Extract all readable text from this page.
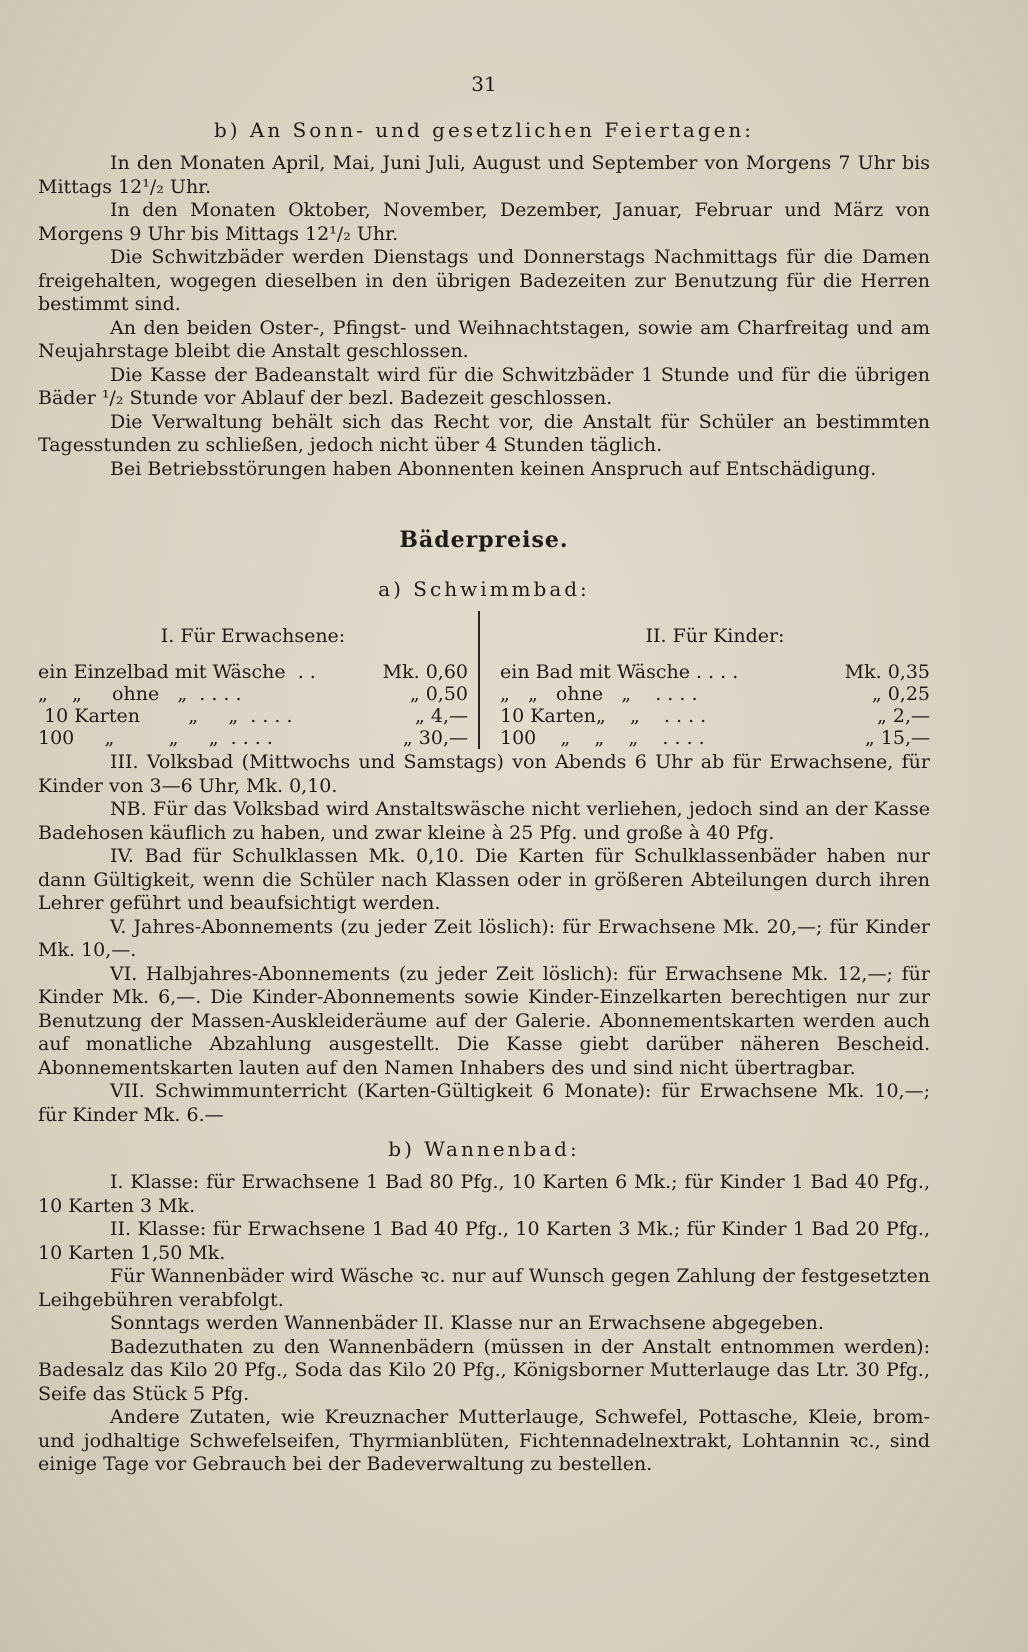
31
b) An Sonn- und gesetzlichen Feiertagen:

In den Monaten April, Mai, Juni Juli, August und September von Morgens 7 Uhr bis Mittags 12¹/₂ Uhr.

In den Monaten Oktober, November, Dezember, Januar, Februar und März von Morgens 9 Uhr bis Mittags 12¹/₂ Uhr.

Die Schwitzbäder werden Dienstags und Donnerstags Nachmittags für die Damen freigehalten, wogegen dieselben in den übrigen Badezeiten zur Benutzung für die Herren bestimmt sind.

An den beiden Oster-, Pfingst- und Weihnachtstagen, sowie am Charfreitag und am Neujahrstage bleibt die Anstalt geschlossen.

Die Kasse der Badeanstalt wird für die Schwitzbäder 1 Stunde und für die übrigen Bäder ¹/₂ Stunde vor Ablauf der bezl. Badezeit geschlossen.

Die Verwaltung behält sich das Recht vor, die Anstalt für Schüler an bestimmten Tagesstunden zu schließen, jedoch nicht über 4 Stunden täglich.

Bei Betriebsstörungen haben Abonnenten keinen Anspruch auf Entschädigung.

Bäderpreise.
a) Schwimmbad:
I. Für Erwachsene:
ein Einzelbad mit Wäsche  . .	Mk. 0,60
„    „     ohne   „  . . . .	„ 0,50
10 Karten        „     „  . . . .	„ 4,—
100     „         „     „  . . . .	„ 30,—
II. Für Kinder:
ein Bad mit Wäsche . . . .	Mk. 0,35
„   „   ohne   „    . . . .	„ 0,25
10 Karten„    „    . . . .	„ 2,—
100    „    „    „    . . . .	„ 15,—

III. Volksbad (Mittwochs und Samstags) von Abends 6 Uhr ab für Erwachsene, für Kinder von 3—6 Uhr, Mk. 0,10.

NB. Für das Volksbad wird Anstaltswäsche nicht verliehen, jedoch sind an der Kasse Badehosen käuflich zu haben, und zwar kleine à 25 Pfg. und große à 40 Pfg.

IV. Bad für Schulklassen Mk. 0,10. Die Karten für Schulklassenbäder haben nur dann Gültigkeit, wenn die Schüler nach Klassen oder in größeren Abteilungen durch ihren Lehrer geführt und beaufsichtigt werden.

V. Jahres-Abonnements (zu jeder Zeit löslich): für Erwachsene Mk. 20,—; für Kinder Mk. 10,—.

VI. Halbjahres-Abonnements (zu jeder Zeit löslich): für Erwachsene Mk. 12,—; für Kinder Mk. 6,—. Die Kinder-Abonnements sowie Kinder-Einzelkarten berechtigen nur zur Benutzung der Massen-Auskleideräume auf der Galerie. Abonnementskarten werden auch auf monatliche Abzahlung ausgestellt. Die Kasse giebt darüber näheren Bescheid. Abonnementskarten lauten auf den Namen Inhabers des und sind nicht übertragbar.

VII. Schwimmunterricht (Karten-Gültigkeit 6 Monate): für Erwachsene Mk. 10,—; für Kinder Mk. 6.—

b) Wannenbad:

I. Klasse: für Erwachsene 1 Bad 80 Pfg., 10 Karten 6 Mk.; für Kinder 1 Bad 40 Pfg., 10 Karten 3 Mk.

II. Klasse: für Erwachsene 1 Bad 40 Pfg., 10 Karten 3 Mk.; für Kinder 1 Bad 20 Pfg., 10 Karten 1,50 Mk.

Für Wannenbäder wird Wäsche ꝛc. nur auf Wunsch gegen Zahlung der festgesetzten Leihgebühren verabfolgt.

Sonntags werden Wannenbäder II. Klasse nur an Erwachsene abgegeben.

Badezuthaten zu den Wannenbädern (müssen in der Anstalt entnommen werden): Badesalz das Kilo 20 Pfg., Soda das Kilo 20 Pfg., Königsborner Mutterlauge das Ltr. 30 Pfg., Seife das Stück 5 Pfg.

Andere Zutaten, wie Kreuznacher Mutterlauge, Schwefel, Pottasche, Kleie, brom- und jodhaltige Schwefelseifen, Thyrmianblüten, Fichtennadelnextrakt, Lohtannin ꝛc., sind einige Tage vor Gebrauch bei der Badeverwaltung zu bestellen.
